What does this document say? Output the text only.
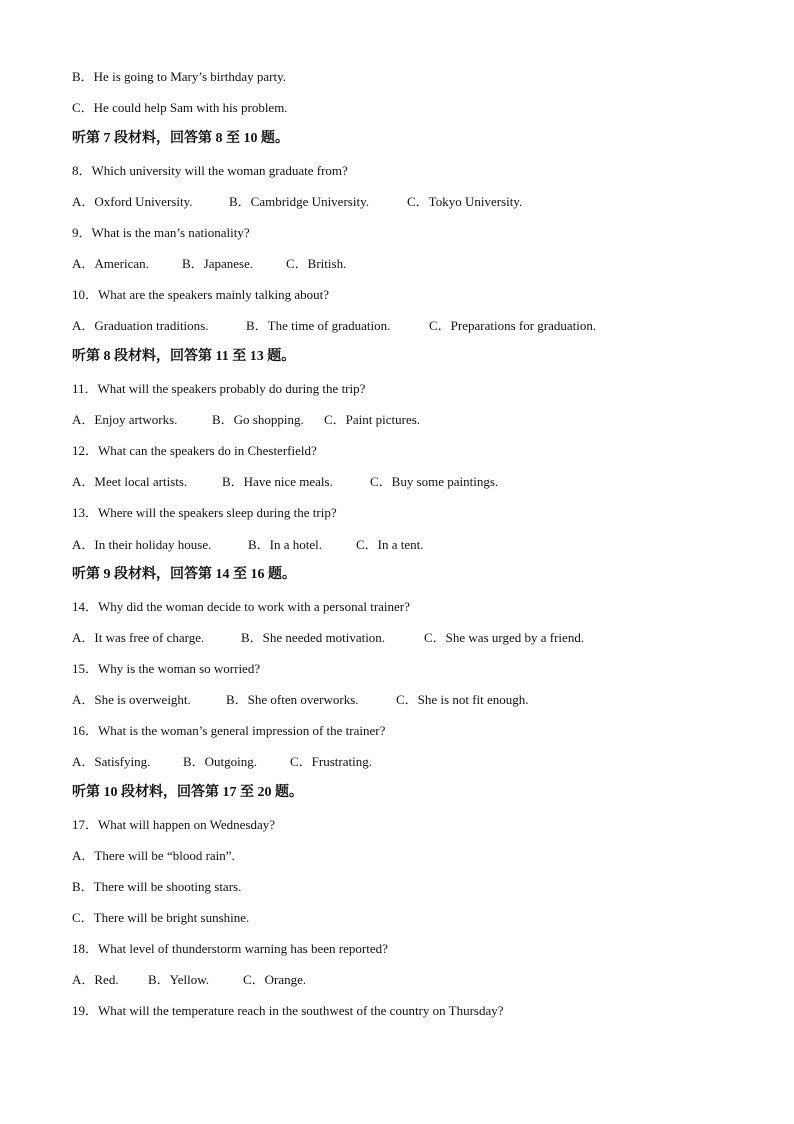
B．He is going to Mary’s birthday party.
C．He could help Sam with his problem.
听第 7 段材料，回答第 8 至 10 题。
8．Which university will the woman graduate from?
A．Oxford University.	B．Cambridge University.	C．Tokyo University.
9．What is the man’s nationality?
A．American.	B．Japanese.	C．British.
10．What are the speakers mainly talking about?
A．Graduation traditions.	B．The time of graduation.	C．Preparations for graduation.
听第 8 段材料，回答第 11 至 13 题。
11．What will the speakers probably do during the trip?
A．Enjoy artworks.	B．Go shopping. C．Paint pictures.
12．What can the speakers do in Chesterfield?
A．Meet local artists.	B．Have nice meals.	C．Buy some paintings.
13．Where will the speakers sleep during the trip?
A．In their holiday house.	B．In a hotel.	C．In a tent.
听第 9 段材料，回答第 14 至 16 题。
14．Why did the woman decide to work with a personal trainer?
A．It was free of charge.	B．She needed motivation.	C．She was urged by a friend.
15．Why is the woman so worried?
A．She is overweight.	B．She often overworks.	C．She is not fit enough.
16．What is the woman’s general impression of the trainer?
A．Satisfying.	B．Outgoing.	C．Frustrating.
听第 10 段材料，回答第 17 至 20 题。
17．What will happen on Wednesday?
A．There will be “blood rain”.
B．There will be shooting stars.
C．There will be bright sunshine.
18．What level of thunderstorm warning has been reported?
A．Red. B．Yellow.	C．Orange.
19．What will the temperature reach in the southwest of the country on Thursday?
